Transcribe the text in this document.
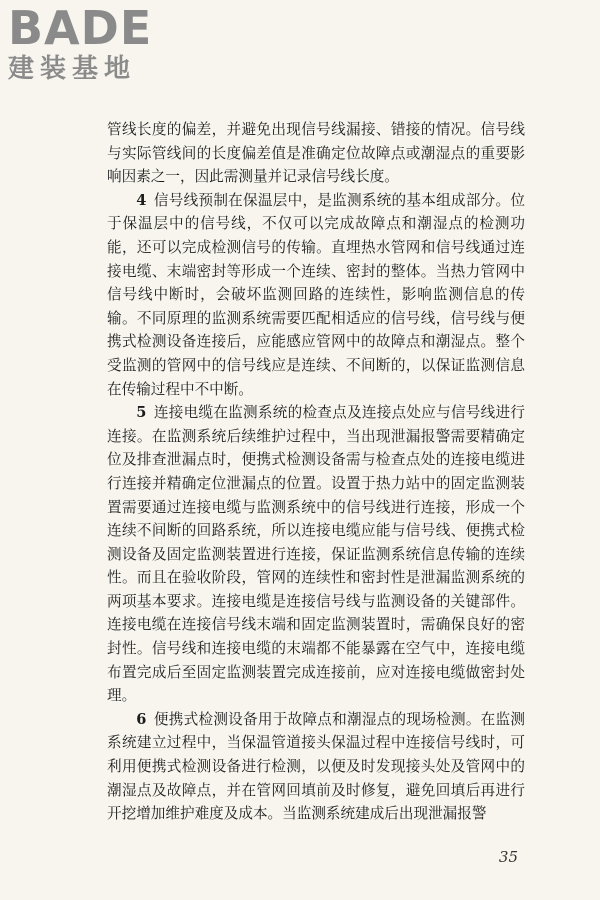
BADE
建装基地

管线长度的偏差，并避免出现信号线漏接、错接的情况。信号线与实际管线间的长度偏差值是准确定位故障点或潮湿点的重要影响因素之一，因此需测量并记录信号线长度。

4 信号线预制在保温层中，是监测系统的基本组成部分。位于保温层中的信号线，不仅可以完成故障点和潮湿点的检测功能，还可以完成检测信号的传输。直埋热水管网和信号线通过连接电缆、末端密封等形成一个连续、密封的整体。当热力管网中信号线中断时，会破坏监测回路的连续性，影响监测信息的传输。不同原理的监测系统需要匹配相适应的信号线，信号线与便携式检测设备连接后，应能感应管网中的故障点和潮湿点。整个受监测的管网中的信号线应是连续、不间断的，以保证监测信息在传输过程中不中断。

5 连接电缆在监测系统的检查点及连接点处应与信号线进行连接。在监测系统后续维护过程中，当出现泄漏报警需要精确定位及排查泄漏点时，便携式检测设备需与检查点处的连接电缆进行连接并精确定位泄漏点的位置。设置于热力站中的固定监测装置需要通过连接电缆与监测系统中的信号线进行连接，形成一个连续不间断的回路系统，所以连接电缆应能与信号线、便携式检测设备及固定监测装置进行连接，保证监测系统信息传输的连续性。而且在验收阶段，管网的连续性和密封性是泄漏监测系统的两项基本要求。连接电缆是连接信号线与监测设备的关键部件。连接电缆在连接信号线末端和固定监测装置时，需确保良好的密封性。信号线和连接电缆的末端都不能暴露在空气中，连接电缆布置完成后至固定监测装置完成连接前，应对连接电缆做密封处理。

6 便携式检测设备用于故障点和潮湿点的现场检测。在监测系统建立过程中，当保温管道接头保温过程中连接信号线时，可利用便携式检测设备进行检测，以便及时发现接头处及管网中的潮湿点及故障点，并在管网回填前及时修复，避免回填后再进行开挖增加维护难度及成本。当监测系统建成后出现泄漏报警

35
